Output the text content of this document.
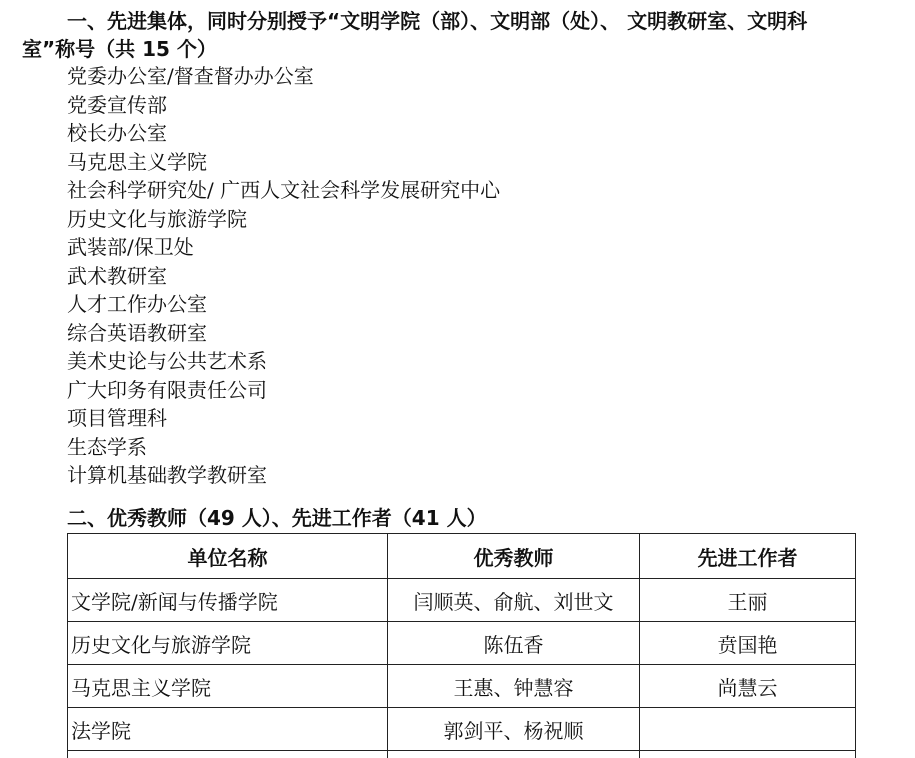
一、先进集体，同时分别授予“文明学院（部）、文明部（处）、 文明教研室、文明科
室”称号（共 15 个）
党委办公室/督查督办办公室
党委宣传部
校长办公室
马克思主义学院
社会科学研究处/ 广西人文社会科学发展研究中心
历史文化与旅游学院
武装部/保卫处
武术教研室
人才工作办公室
综合英语教研室
美术史论与公共艺术系
广大印务有限责任公司
项目管理科
生态学系
计算机基础教学教研室
二、优秀教师（49 人）、先进工作者（41 人）
单位名称	优秀教师	先进工作者
文学院/新闻与传播学院	闫顺英、俞航、刘世文	王丽
历史文化与旅游学院	陈伍香	贲国艳
马克思主义学院	王惠、钟慧容	尚慧云
法学院	郭剑平、杨祝顺	
